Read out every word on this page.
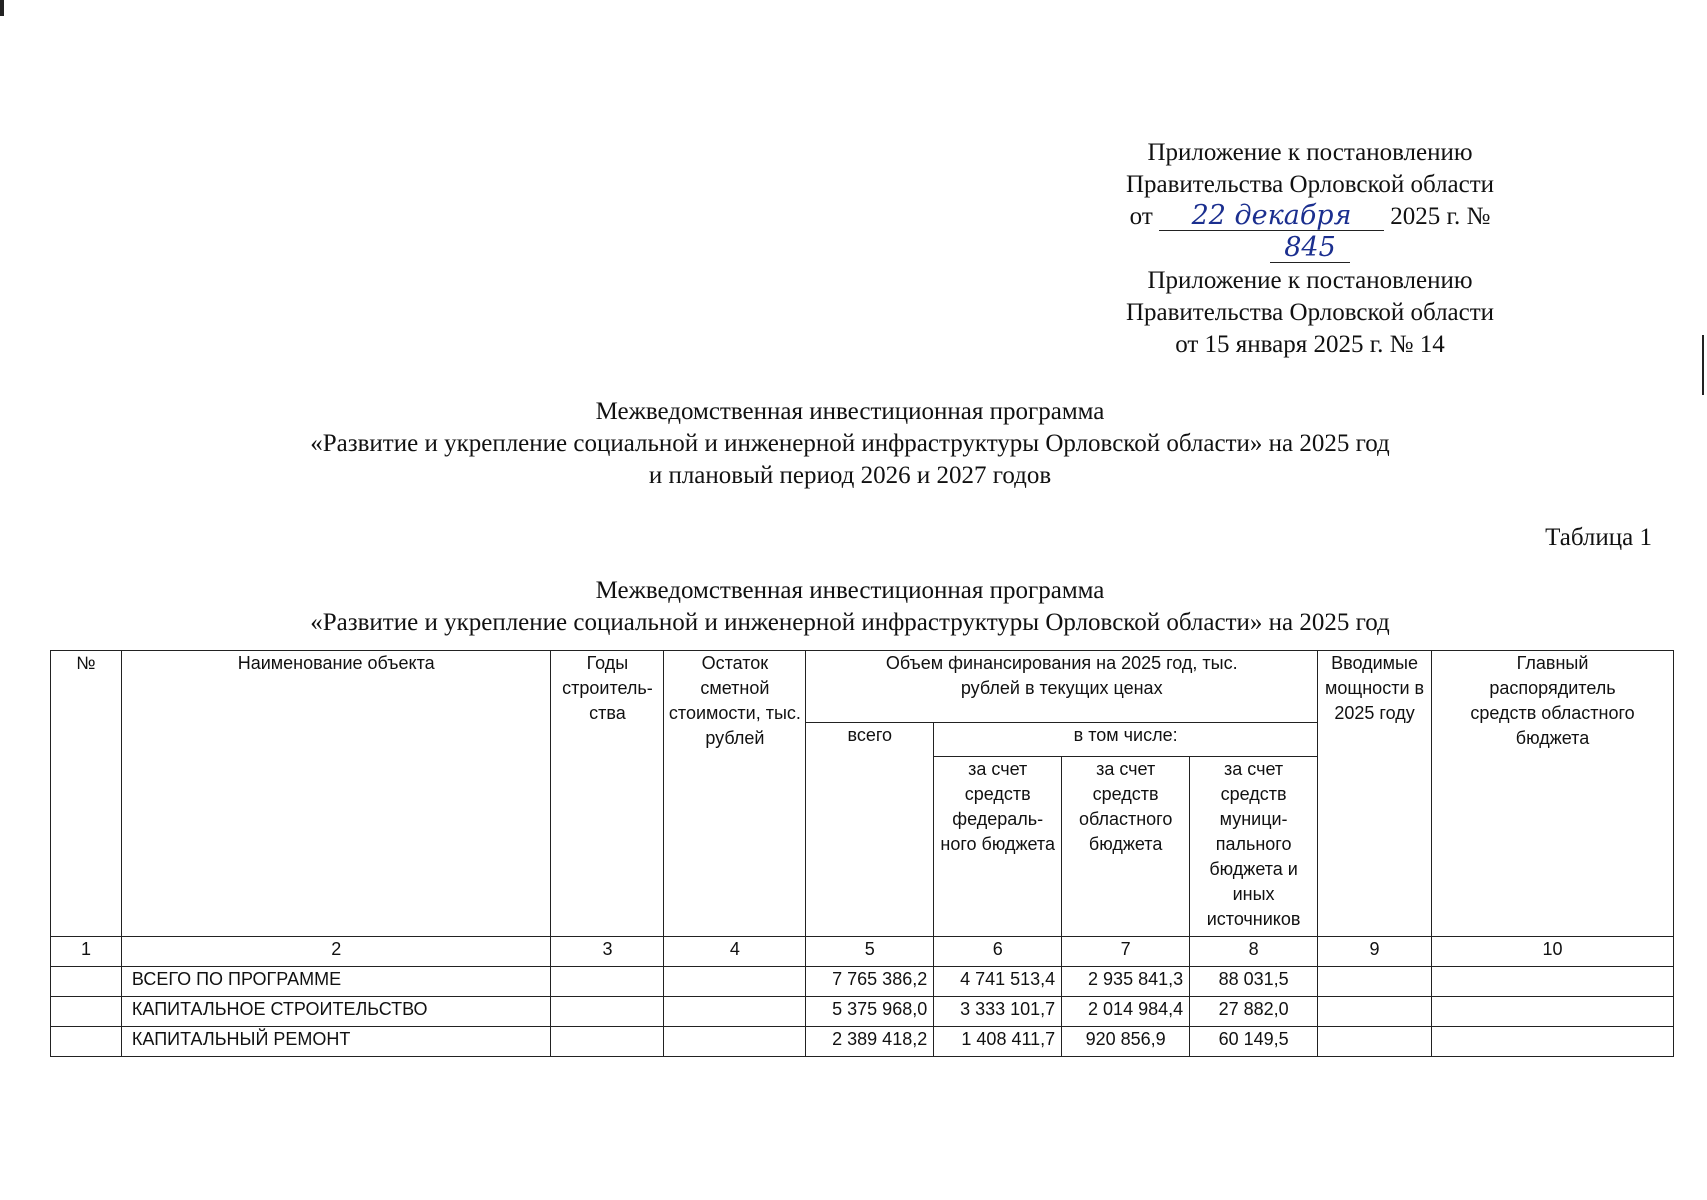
Приложение к постановлению
Правительства Орловской области
от 22 декабря 2025 г. № 845
Приложение к постановлению
Правительства Орловской области
от 15 января 2025 г. № 14
Межведомственная инвестиционная программа
«Развитие и укрепление социальной и инженерной инфраструктуры Орловской области» на 2025 год
и плановый период 2026 и 2027 годов
Таблица 1
Межведомственная инвестиционная программа
«Развитие и укрепление социальной и инженерной инфраструктуры Орловской области» на 2025 год
№	Наименование объекта	Годы строитель- ства	Остаток сметной стоимости, тыс. рублей	Объем финансирования на 2025 год, тыс. рублей в текущих ценах				Вводимые мощности в 2025 году	Главный распорядитель средств областного бюджета
				всего	в том числе:				
					за счет средств федераль- ного бюджета	за счет средств областного бюджета	за счет средств муници- пального бюджета и иных источников		
1	2	3	4	5	6	7	8	9	10
	ВСЕГО ПО ПРОГРАММЕ			7 765 386,2	4 741 513,4	2 935 841,3	88 031,5		
	КАПИТАЛЬНОЕ СТРОИТЕЛЬСТВО			5 375 968,0	3 333 101,7	2 014 984,4	27 882,0		
	КАПИТАЛЬНЫЙ РЕМОНТ			2 389 418,2	1 408 411,7	920 856,9	60 149,5		
